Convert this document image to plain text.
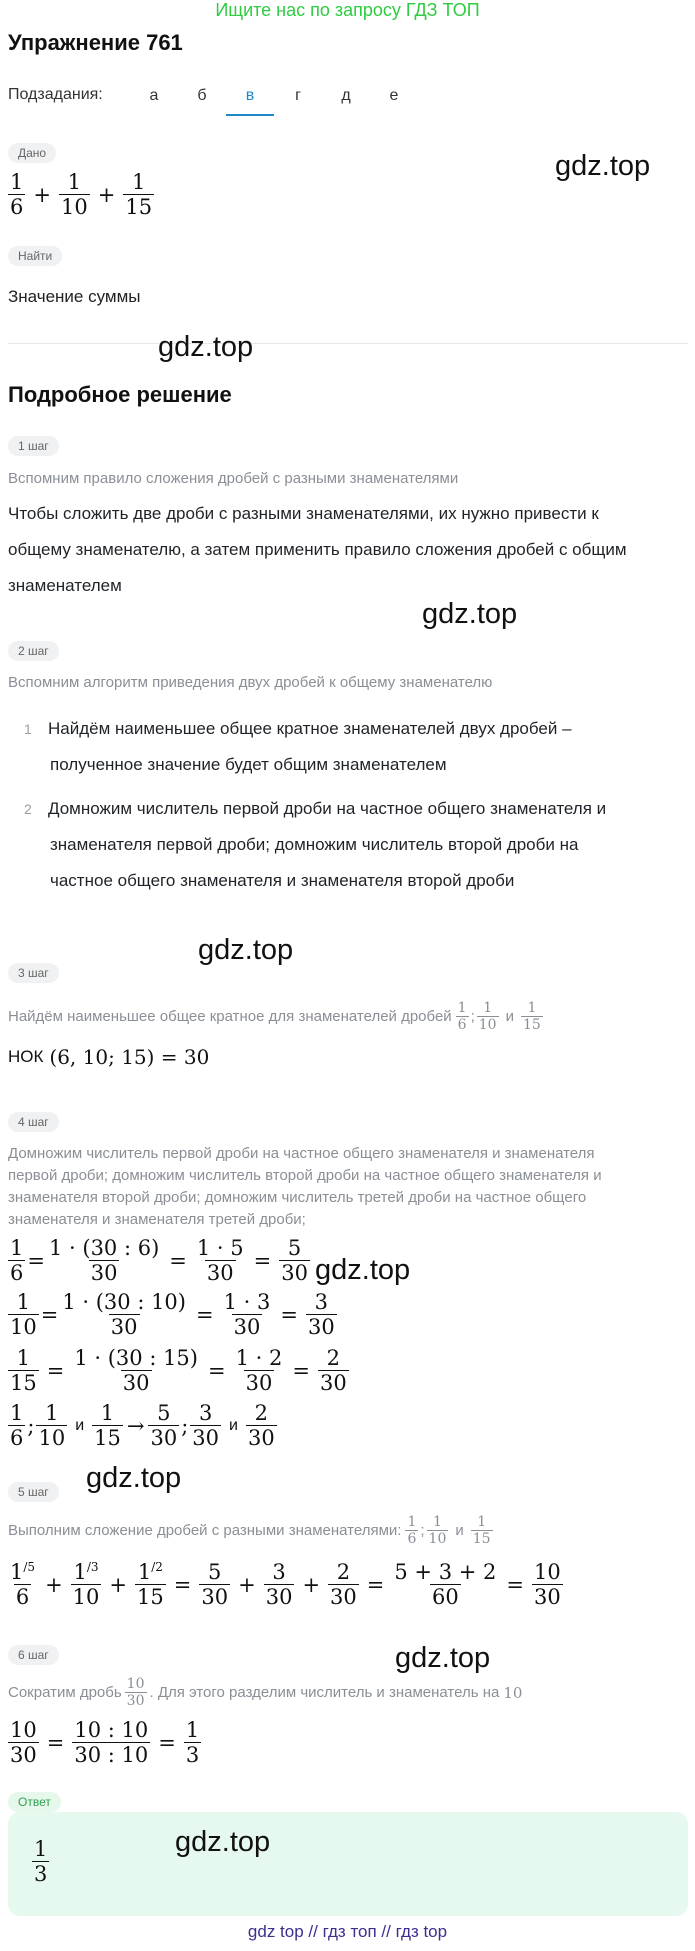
Ищите нас по запросу ГДЗ ТОП
Упражнение 761
Подзадания:	а	б	в	г	д	е
Дано
$\frac{1}{6} + \frac{1}{10} + \frac{1}{15}$
gdz.top
Найти
Значение суммы
gdz.top
Подробное решение
1 шаг
Вспомним правило сложения дробей с разными знаменателями
Чтобы сложить две дроби с разными знаменателями, их нужно привести к
общему знаменателю, а затем применить правило сложения дробей с общим
знаменателем
gdz.top
2 шаг
Вспомним алгоритм приведения двух дробей к общему знаменателю
1 Найдём наименьшее общее кратное знаменателей двух дробей –
полученное значение будет общим знаменателем
2 Домножим числитель первой дроби на частное общего знаменателя и
знаменателя первой дроби; домножим числитель второй дроби на
частное общего знаменателя и знаменателя второй дроби
gdz.top
3 шаг
Найдём наименьшее общее кратное для знаменателей дробей $\frac{1}{6}$ ; $\frac{1}{10}$ и $\frac{1}{15}$
НОК (6, 10; 15) = 30
4 шаг
Домножим числитель первой дроби на частное общего знаменателя и знаменателя
первой дроби; домножим числитель второй дроби на частное общего знаменателя и
знаменателя второй дроби; домножим числитель третей дроби на частное общего
знаменателя и знаменателя третей дроби;
$\frac{1}{6} = \frac{1 \cdot (30 : 6)}{30} = \frac{1 \cdot 5}{30} = \frac{5}{30}$
$\frac{1}{10} = \frac{1 \cdot (30 : 10)}{30} = \frac{1 \cdot 3}{30} = \frac{3}{30}$
$\frac{1}{15} = \frac{1 \cdot (30 : 15)}{30} = \frac{1 \cdot 2}{30} = \frac{2}{30}$
$\frac{1}{6}$ ; $\frac{1}{10}$ и $\frac{1}{15} \to \frac{5}{30}$ ; $\frac{3}{30}$ и $\frac{2}{30}$
gdz.top
gdz.top
5 шаг
Выполним сложение дробей с разными знаменателями: $\frac{1}{6}$ ; $\frac{1}{10}$ и $\frac{1}{15}$
$\frac{1^{/5}}{6} + \frac{1^{/3}}{10} + \frac{1^{/2}}{15} = \frac{5}{30} + \frac{3}{30} + \frac{2}{30} = \frac{5 + 3 + 2}{60} = \frac{10}{30}$
gdz.top
6 шаг
Сократим дробь $\frac{10}{30}$ . Для этого разделим числитель и знаменатель на 10
$\frac{10}{30} = \frac{10 : 10}{30 : 10} = \frac{1}{3}$
Ответ
$\frac{1}{3}$	gdz.top
gdz top // гдз топ // гдз top
